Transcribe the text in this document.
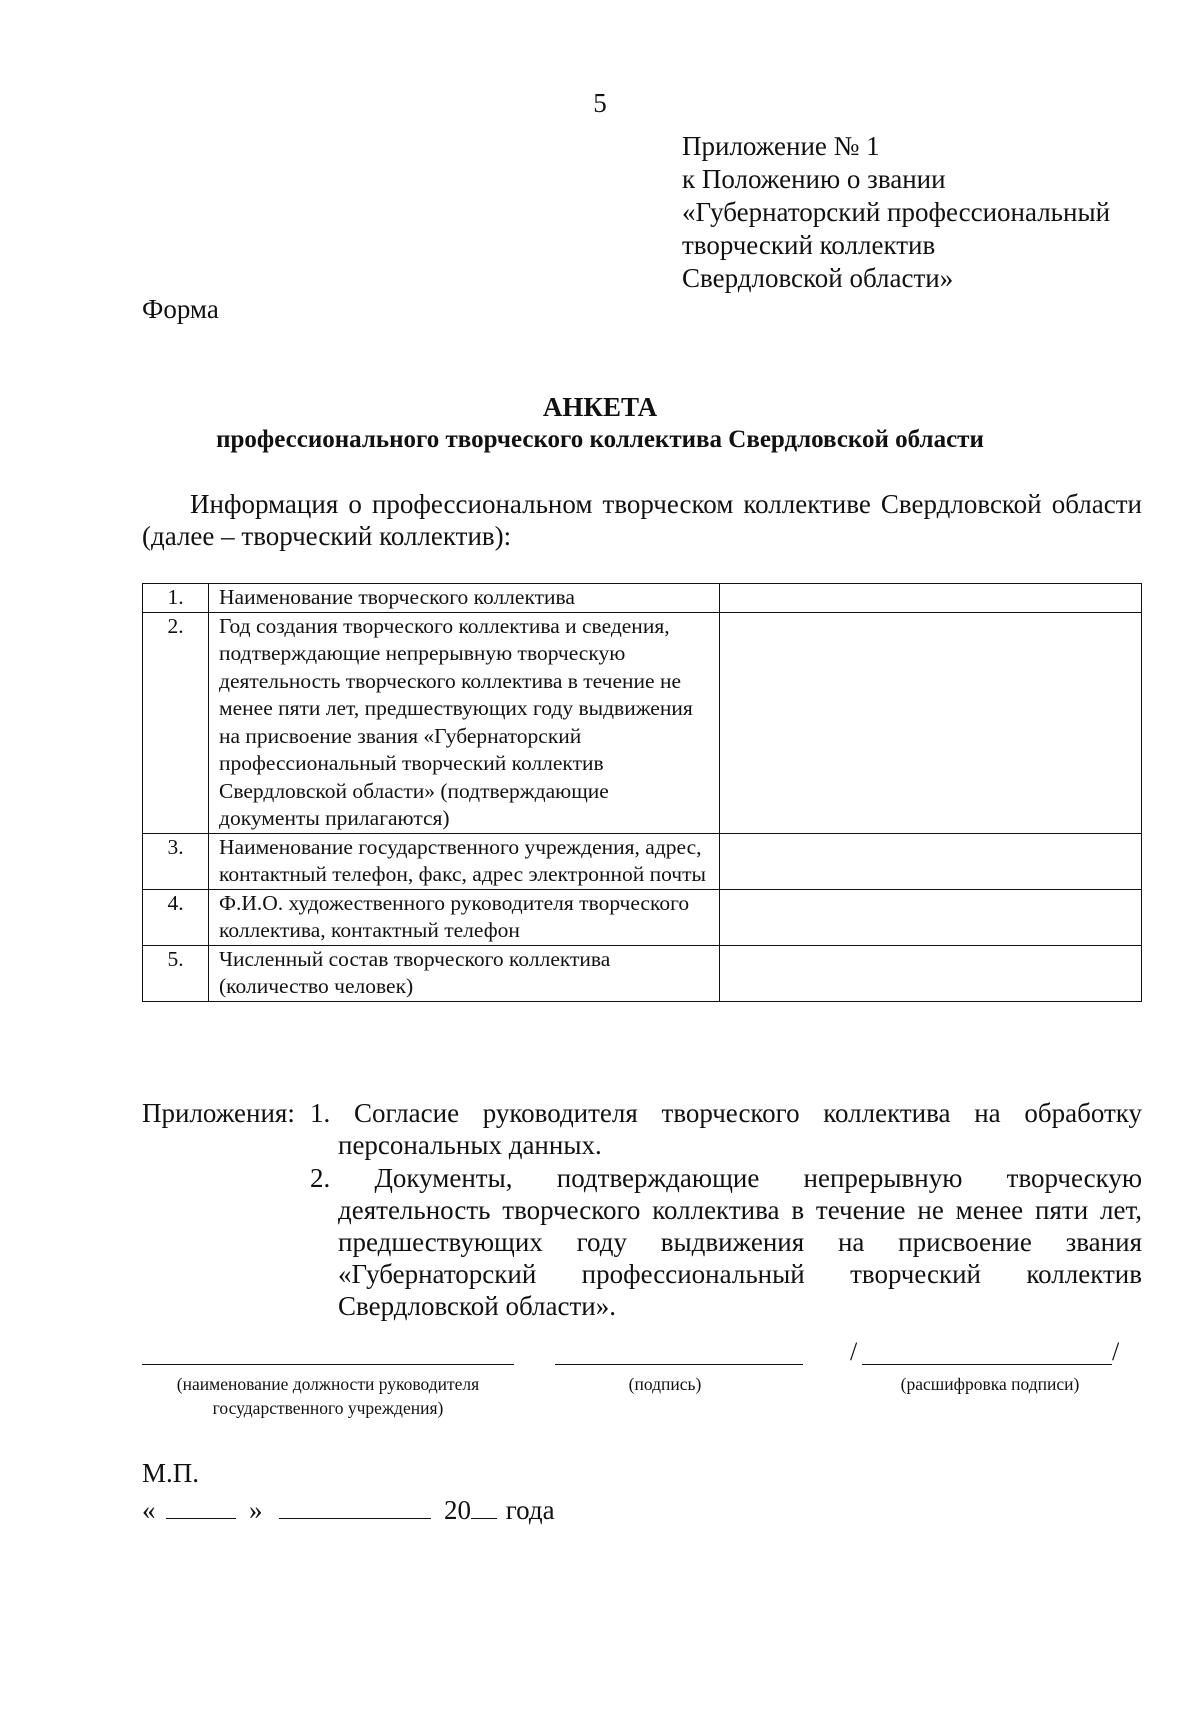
5
Приложение № 1
к Положению о звании
«Губернаторский профессиональный
творческий коллектив
Свердловской области»
Форма
АНКЕТА
профессионального творческого коллектива Свердловской области
Информация о профессиональном творческом коллективе Свердловской области (далее – творческий коллектив):
1.	Наименование творческого коллектива	
2.	Год создания творческого коллектива и сведения, подтверждающие непрерывную творческую деятельность творческого коллектива в течение не менее пяти лет, предшествующих году выдвижения на присвоение звания «Губернаторский профессиональный творческий коллектив Свердловской области» (подтверждающие документы прилагаются)	
3.	Наименование государственного учреждения, адрес, контактный телефон, факс, адрес электронной почты	
4.	Ф.И.О. художественного руководителя творческого коллектива, контактный телефон	
5.	Численный состав творческого коллектива (количество человек)	
Приложения: 1. Согласие руководителя творческого коллектива на обработку персональных данных.
2. Документы, подтверждающие непрерывную творческую деятельность творческого коллектива в течение не менее пяти лет, предшествующих году выдвижения на присвоение звания «Губернаторский профессиональный творческий коллектив Свердловской области».
/	/
(наименование должности руководителя
государственного учреждения)
(подпись)	(расшифровка подписи)
М.П.
«	»	20 года
